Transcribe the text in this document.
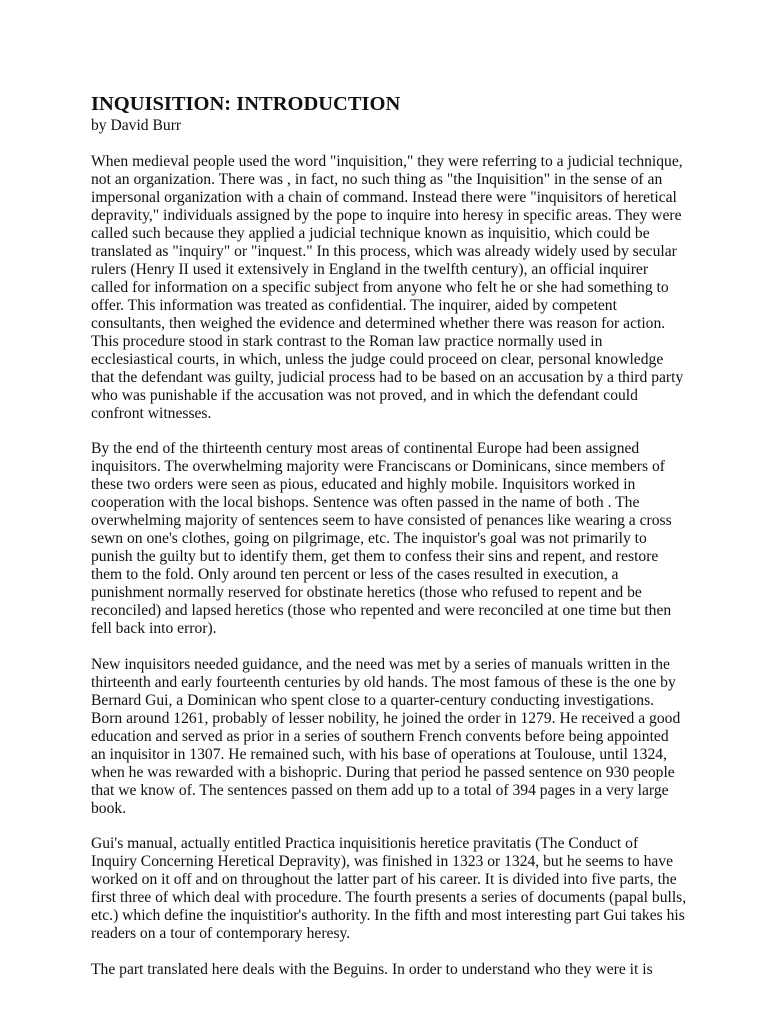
INQUISITION: INTRODUCTION
by David Burr

When medieval people used the word "inquisition," they were referring to a judicial technique, not an organization. There was , in fact, no such thing as "the Inquisition" in the sense of an impersonal organization with a chain of command. Instead there were "inquisitors of heretical depravity," individuals assigned by the pope to inquire into heresy in specific areas. They were called such because they applied a judicial technique known as inquisitio, which could be translated as "inquiry" or "inquest." In this process, which was already widely used by secular rulers (Henry II used it extensively in England in the twelfth century), an official inquirer called for information on a specific subject from anyone who felt he or she had something to offer. This information was treated as confidential. The inquirer, aided by competent consultants, then weighed the evidence and determined whether there was reason for action. This procedure stood in stark contrast to the Roman law practice normally used in ecclesiastical courts, in which, unless the judge could proceed on clear, personal knowledge that the defendant was guilty, judicial process had to be based on an accusation by a third party who was punishable if the accusation was not proved, and in which the defendant could confront witnesses.

By the end of the thirteenth century most areas of continental Europe had been assigned inquisitors. The overwhelming majority were Franciscans or Dominicans, since members of these two orders were seen as pious, educated and highly mobile. Inquisitors worked in cooperation with the local bishops. Sentence was often passed in the name of both . The overwhelming majority of sentences seem to have consisted of penances like wearing a cross sewn on one's clothes, going on pilgrimage, etc. The inquistor's goal was not primarily to punish the guilty but to identify them, get them to confess their sins and repent, and restore them to the fold. Only around ten percent or less of the cases resulted in execution, a punishment normally reserved for obstinate heretics (those who refused to repent and be reconciled) and lapsed heretics (those who repented and were reconciled at one time but then fell back into error).

New inquisitors needed guidance, and the need was met by a series of manuals written in the thirteenth and early fourteenth centuries by old hands. The most famous of these is the one by Bernard Gui, a Dominican who spent close to a quarter-century conducting investigations. Born around 1261, probably of lesser nobility, he joined the order in 1279. He received a good education and served as prior in a series of southern French convents before being appointed an inquisitor in 1307. He remained such, with his base of operations at Toulouse, until 1324, when he was rewarded with a bishopric. During that period he passed sentence on 930 people that we know of. The sentences passed on them add up to a total of 394 pages in a very large book.

Gui's manual, actually entitled Practica inquisitionis heretice pravitatis (The Conduct of Inquiry Concerning Heretical Depravity), was finished in 1323 or 1324, but he seems to have worked on it off and on throughout the latter part of his career. It is divided into five parts, the first three of which deal with procedure. The fourth presents a series of documents (papal bulls, etc.) which define the inquistitior's authority. In the fifth and most interesting part Gui takes his readers on a tour of contemporary heresy.

The part translated here deals with the Beguins. In order to understand who they were it is
